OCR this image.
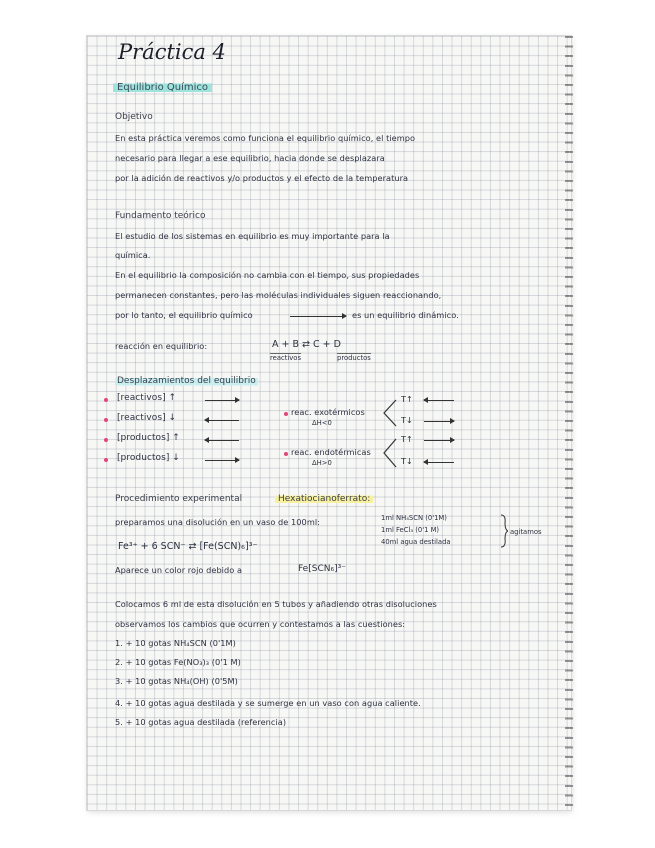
Práctica 4
Equilibrio Químico
Objetivo
En esta práctica veremos como funciona el equilibrio químico, el tiempo
necesario para llegar a ese equilibrio, hacia donde se desplazara
por la adición de reactivos y/o productos y el efecto de la temperatura
Fundamento teórico
El estudio de los sistemas en equilibrio es muy importante para la
química.
En el equilibrio la composición no cambia con el tiempo, sus propiedades
permanecen constantes, pero las moléculas individuales siguen reaccionando,
por lo tanto, el equilibrio químico	es un equilibrio dinámico.
reacción en equilibrio:	A + B ⇄ C + D
reactivos	productos
Desplazamientos del equilibrio
[reactivos] ↑
[reactivos] ↓
[productos] ↑
[productos] ↓
reac. exotérmicos
ΔH<0
T↑
T↓
reac. endotérmicas
ΔH>0
T↑
T↓
Procedimiento experimental	Hexatiocianoferrato:
preparamos una disolución en un vaso de 100ml:	1ml NH₄SCN (0'1M)
1ml FeCl₃ (0'1 M)
40ml agua destilada
agitamos
Fe³⁺ + 6 SCN⁻ ⇄ [Fe(SCN)₆]³⁻
Aparece un color rojo debido a	Fe[SCN₆]³⁻
Colocamos 6 ml de esta disolución en 5 tubos y añadiendo otras disoluciones
observamos los cambios que ocurren y contestamos a las cuestiones:
1. + 10 gotas NH₄SCN (0'1M)
2. + 10 gotas Fe(NO₃)₃ (0'1 M)
3. + 10 gotas NH₄(OH) (0'5M)
4. + 10 gotas agua destilada y se sumerge en un vaso con agua caliente.
5. + 10 gotas agua destilada (referencia)
